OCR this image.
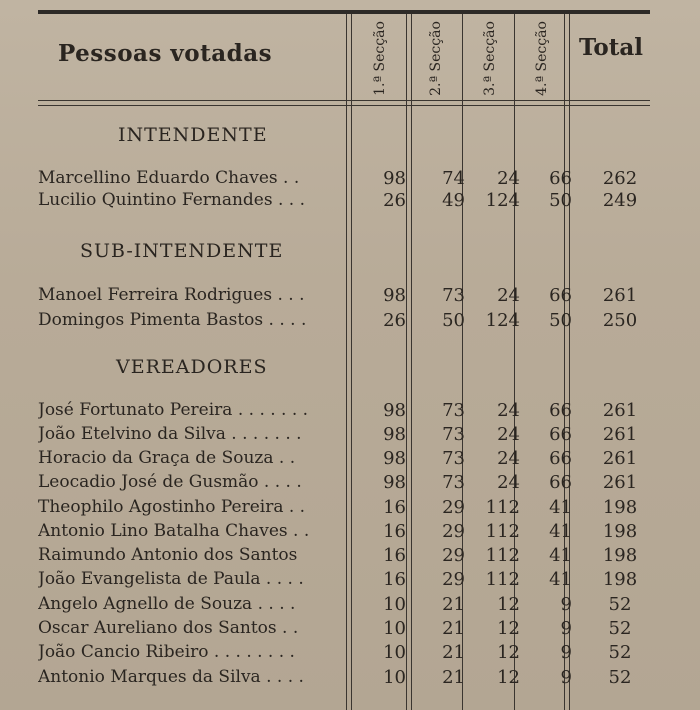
Pessoas votadas	1.ª Secção	2.ª Secção	3.ª Secção	4.ª Secção	Total
INTENDENTE
Marcellino Eduardo Chaves . .	98	74	24	66	262
Lucilio Quintino Fernandes . . .	26	49	124	50	249
SUB-INTENDENTE
Manoel Ferreira Rodrigues . . .	98	73	24	66	261
Domingos Pimenta Bastos . . . .	26	50	124	50	250
VEREADORES
José Fortunato Pereira . . . . . . .	98	73	24	66	261
João Etelvino da Silva . . . . . . .	98	73	24	66	261
Horacio da Graça de Souza . .	98	73	24	66	261
Leocadio José de Gusmão . . . .	98	73	24	66	261
Theophilo Agostinho Pereira . .	16	29	112	41	198
Antonio Lino Batalha Chaves . .	16	29	112	41	198
Raimundo Antonio dos Santos	16	29	112	41	198
João Evangelista de Paula . . . .	16	29	112	41	198
Angelo Agnello de Souza . . . .	10	21	12	9	52
Oscar Aureliano dos Santos . .	10	21	12	9	52
João Cancio Ribeiro . . . . . . . .	10	21	12	9	52
Antonio Marques da Silva . . . .	10	21	12	9	52
